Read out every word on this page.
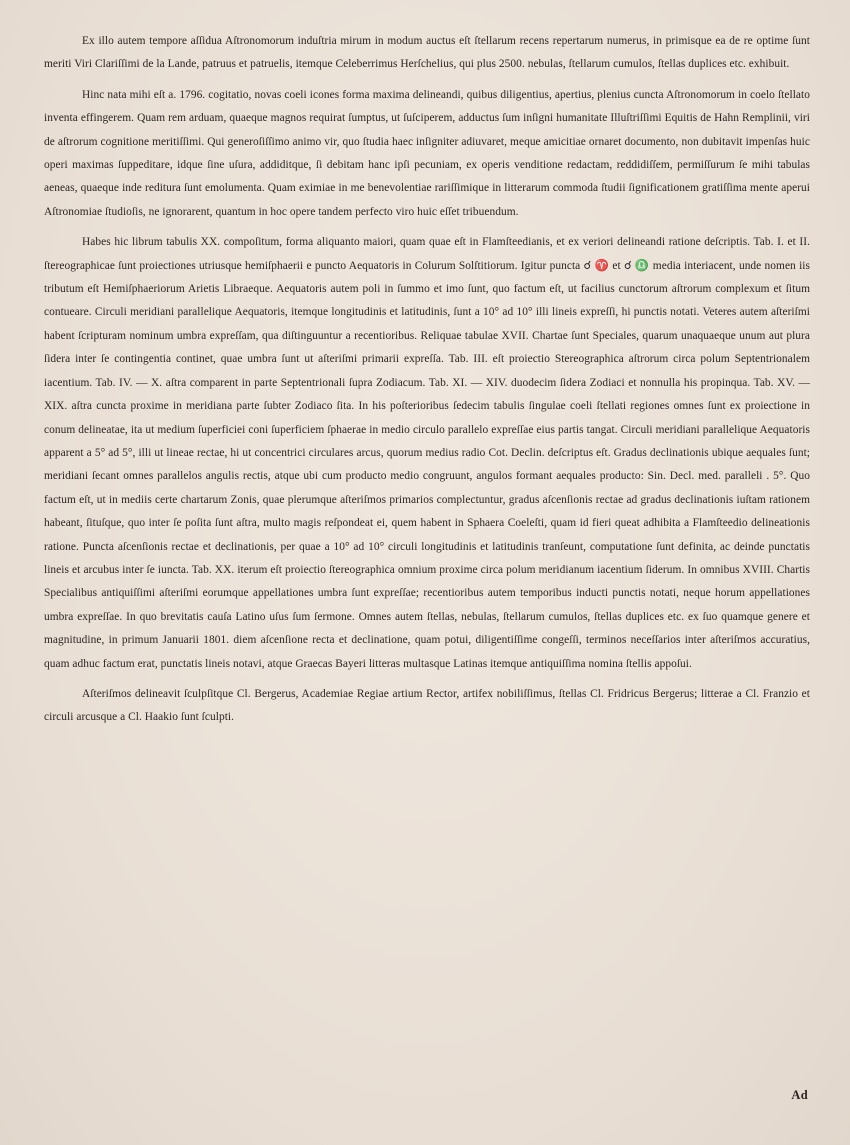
Ex illo autem tempore aſſidua Aſtronomorum induſtria mirum in modum auctus eſt ſtellarum recens repertarum numerus, in primisque ea de re optime ſunt meriti Viri Clariſſimi de la Lande, patruus et patruelis, itemque Celeberrimus Herſchelius, qui plus 2500. nebulas, ſtellarum cumulos, ſtellas duplices etc. exhibuit.

Hinc nata mihi eſt a. 1796. cogitatio, novas coeli icones forma maxima delineandi, quibus diligentius, apertius, plenius cuncta Aſtronomorum in coelo ſtellato inventa effingerem. Quam rem arduam, quaeque magnos requirat ſumptus, ut ſuſciperem, adductus ſum inſigni humanitate Illuſtriſſimi Equitis de Hahn Remplinii, viri de aſtrorum cognitione meritiſſimi. Qui generoſiſſimo animo vir, quo ſtudia haec inſigniter adiuvaret, meque amicitiae ornaret documento, non dubitavit impenſas huic operi maximas ſuppeditare, idque ſine uſura, addiditque, ſi debitam hanc ipſi pecuniam, ex operis venditione redactam, reddidiſſem, permiſſurum ſe mihi tabulas aeneas, quaeque inde reditura ſunt emolumenta. Quam eximiae in me benevolentiae rariſſimique in litterarum commoda ſtudii ſignificationem gratiſſima mente aperui Aſtronomiae ſtudioſis, ne ignorarent, quantum in hoc opere tandem perfecto viro huic eſſet tribuendum.

Habes hic librum tabulis XX. compoſitum, forma aliquanto maiori, quam quae eſt in Flamſteedianis, et ex veriori delineandi ratione deſcriptis. Tab. I. et II. ſtereographicae ſunt proiectiones utriusque hemiſphaerii e puncto Aequatoris in Colurum Solſtitiorum. Igitur puncta ☌ ♈ et ☌ ♎ media interiacent, unde nomen iis tributum eſt Hemiſphaeriorum Arietis Libraeque. Aequatoris autem poli in ſummo et imo ſunt, quo factum eſt, ut facilius cunctorum aſtrorum complexum et ſitum contueare. Circuli meridiani parallelique Aequatoris, itemque longitudinis et latitudinis, ſunt a 10° ad 10° illi lineis expreſſi, hi punctis notati. Veteres autem aſteriſmi habent ſcripturam nominum umbra expreſſam, qua diſtinguuntur a recentioribus. Reliquae tabulae XVII. Chartae ſunt Speciales, quarum unaquaeque unum aut plura ſidera inter ſe contingentia continet, quae umbra ſunt ut aſteriſmi primarii expreſſa. Tab. III. eſt proiectio Stereographica aſtrorum circa polum Septentrionalem iacentium. Tab. IV. — X. aſtra comparent in parte Septentrionali ſupra Zodiacum. Tab. XI. — XIV. duodecim ſidera Zodiaci et nonnulla his propinqua. Tab. XV. — XIX. aſtra cuncta proxime in meridiana parte ſubter Zodiaco ſita. In his poſterioribus ſedecim tabulis ſingulae coeli ſtellati regiones omnes ſunt ex proiectione in conum delineatae, ita ut medium ſuperficiei coni ſuperficiem ſphaerae in medio circulo parallelo expreſſae eius partis tangat. Circuli meridiani parallelique Aequatoris apparent a 5° ad 5°, illi ut lineae rectae, hi ut concentrici circulares arcus, quorum medius radio Cot. Declin. deſcriptus eſt. Gradus declinationis ubique aequales ſunt; meridiani ſecant omnes parallelos angulis rectis, atque ubi cum producto medio congruunt, angulos formant aequales producto: Sin. Decl. med. paralleli . 5°. Quo factum eſt, ut in mediis certe chartarum Zonis, quae plerumque aſteriſmos primarios complectuntur, gradus aſcenſionis rectae ad gradus declinationis iuſtam rationem habeant, ſituſque, quo inter ſe poſita ſunt aſtra, multo magis reſpondeat ei, quem habent in Sphaera Coeleſti, quam id fieri queat adhibita a Flamſteedio delineationis ratione. Puncta aſcenſionis rectae et declinationis, per quae a 10° ad 10° circuli longitudinis et latitudinis tranſeunt, computatione ſunt definita, ac deinde punctatis lineis et arcubus inter ſe iuncta. Tab. XX. iterum eſt proiectio ſtereographica omnium proxime circa polum meridianum iacentium ſiderum. In omnibus XVIII. Chartis Specialibus antiquiſſimi aſteriſmi eorumque appellationes umbra ſunt expreſſae; recentioribus autem temporibus inducti punctis notati, neque horum appellationes umbra expreſſae. In quo brevitatis cauſa Latino uſus ſum ſermone. Omnes autem ſtellas, nebulas, ſtellarum cumulos, ſtellas duplices etc. ex ſuo quamque genere et magnitudine, in primum Januarii 1801. diem aſcenſione recta et declinatione, quam potui, diligentiſſime congeſſi, terminos neceſſarios inter aſteriſmos accuratius, quam adhuc factum erat, punctatis lineis notavi, atque Graecas Bayeri litteras multasque Latinas itemque antiquiſſima nomina ſtellis appoſui.

Aſteriſmos delineavit ſculpſitque Cl. Bergerus, Academiae Regiae artium Rector, artifex nobiliſſimus, ſtellas Cl. Fridricus Bergerus; litterae a Cl. Franzio et circuli arcusque a Cl. Haakio ſunt ſculpti.

Ad
